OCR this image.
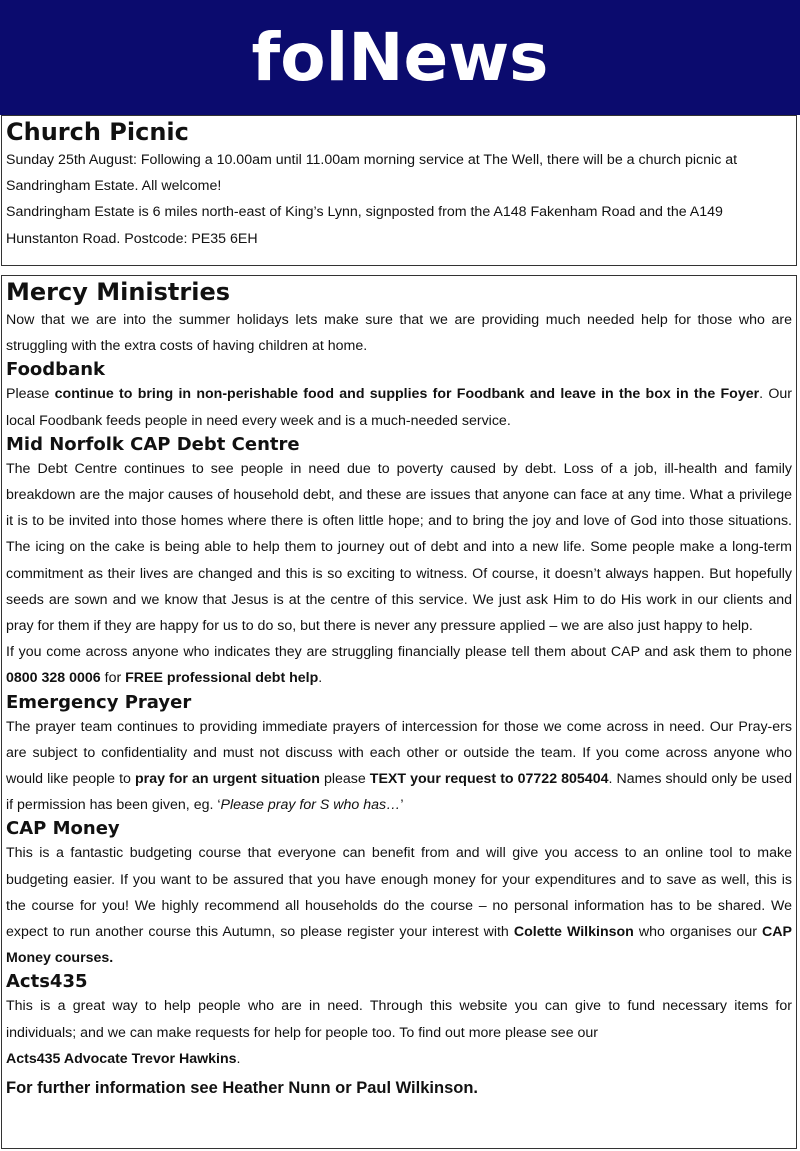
folNews
Church Picnic

Sunday 25th August: Following a 10.00am until 11.00am morning service at The Well, there will be a church picnic at Sandringham Estate. All welcome!

Sandringham Estate is 6 miles north-east of King’s Lynn, signposted from the A148 Fakenham Road and the A149 Hunstanton Road. Postcode: PE35 6EH

Mercy Ministries

Now that we are into the summer holidays lets make sure that we are providing much needed help for those who are struggling with the extra costs of having children at home.

Foodbank

Please continue to bring in non-perishable food and supplies for Foodbank and leave in the box in the Foyer. Our local Foodbank feeds people in need every week and is a much-needed service.

Mid Norfolk CAP Debt Centre

The Debt Centre continues to see people in need due to poverty caused by debt. Loss of a job, ill-health and family breakdown are the major causes of household debt, and these are issues that anyone can face at any time. What a privilege it is to be invited into those homes where there is often little hope; and to bring the joy and love of God into those situations. The icing on the cake is being able to help them to journey out of debt and into a new life. Some people make a long-term commitment as their lives are changed and this is so exciting to witness. Of course, it doesn’t always happen. But hopefully seeds are sown and we know that Jesus is at the centre of this service. We just ask Him to do His work in our clients and pray for them if they are happy for us to do so, but there is never any pressure applied – we are also just happy to help.

If you come across anyone who indicates they are struggling financially please tell them about CAP and ask them to phone 0800 328 0006 for FREE professional debt help.

Emergency Prayer

The prayer team continues to providing immediate prayers of intercession for those we come across in need. Our Pray-ers are subject to confidentiality and must not discuss with each other or outside the team. If you come across anyone who would like people to pray for an urgent situation please TEXT your request to 07722 805404. Names should only be used if permission has been given, eg. ‘Please pray for S who has…’

CAP Money

This is a fantastic budgeting course that everyone can benefit from and will give you access to an online tool to make budgeting easier. If you want to be assured that you have enough money for your expenditures and to save as well, this is the course for you! We highly recommend all households do the course – no personal information has to be shared. We expect to run another course this Autumn, so please register your interest with Colette Wilkinson who organises our CAP Money courses.

Acts435

This is a great way to help people who are in need. Through this website you can give to fund necessary items for individuals; and we can make requests for help for people too. To find out more please see our

Acts435 Advocate Trevor Hawkins.

For further information see Heather Nunn or Paul Wilkinson.
